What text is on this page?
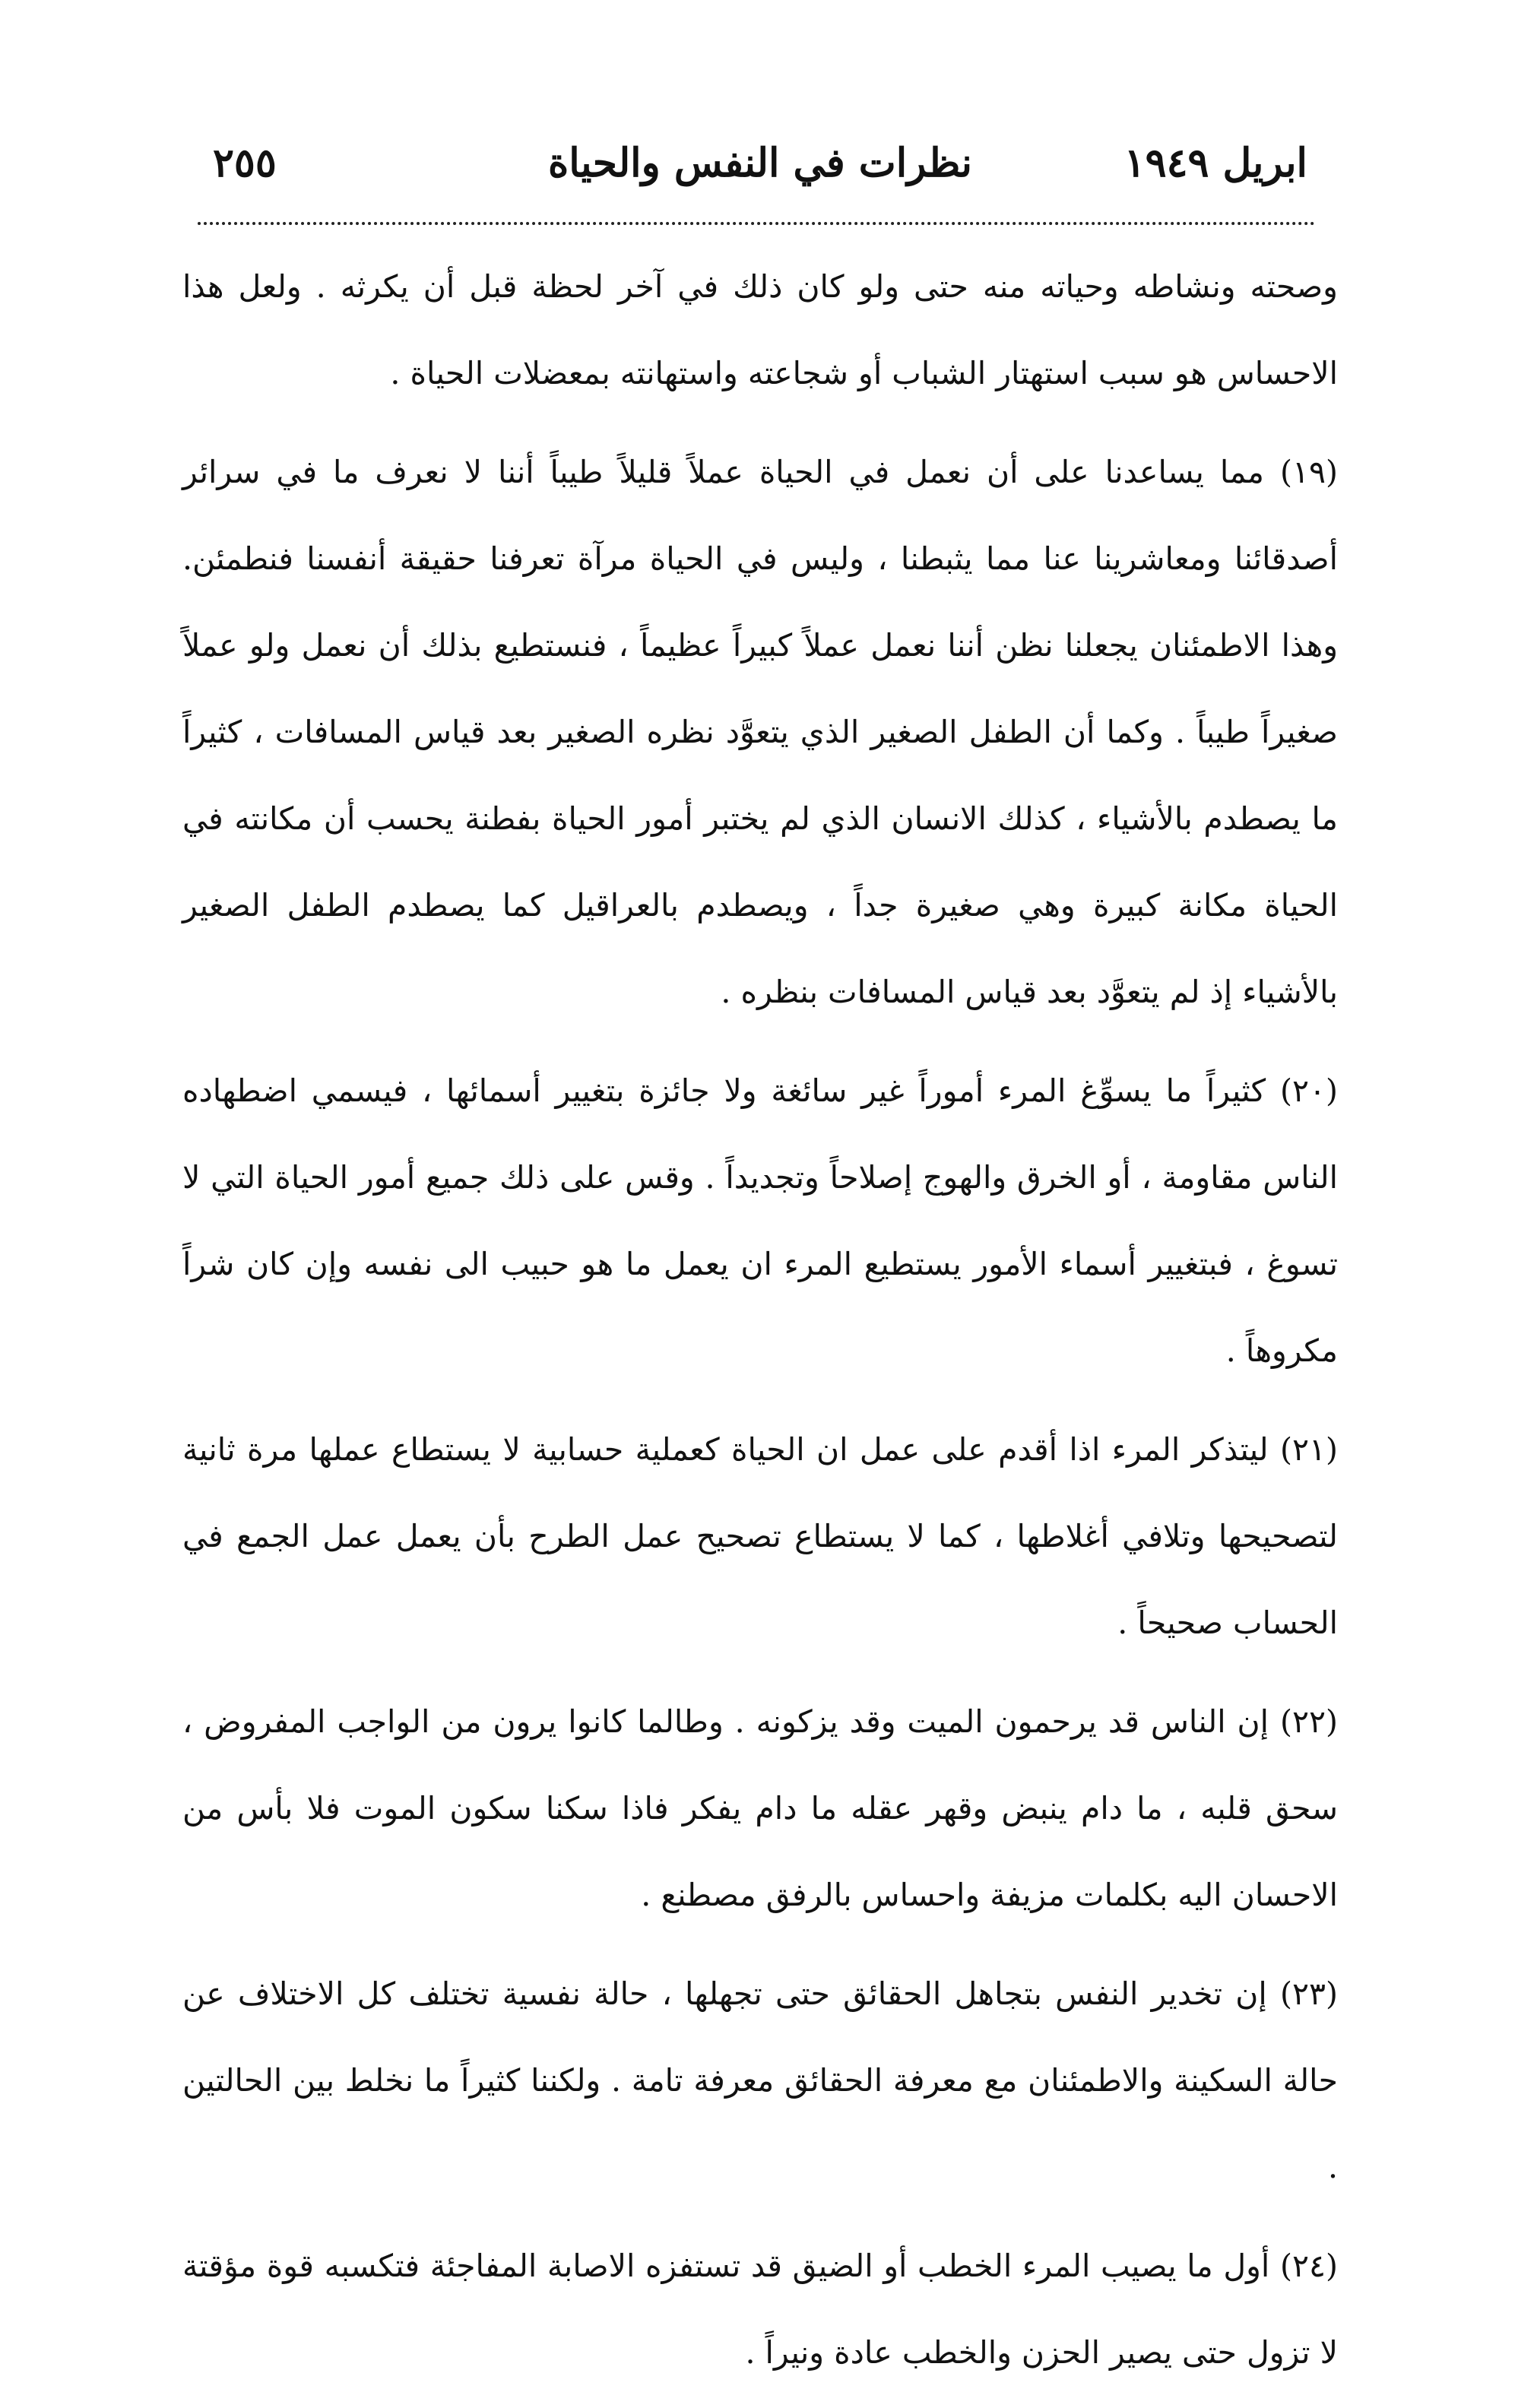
ابريل ١٩٤٩
نظرات في النفس والحياة
٢٥٥

وصحته ونشاطه وحياته منه حتى ولو كان ذلك في آخر لحظة قبل أن يكرثه . ولعل هذا الاحساس هو سبب استهتار الشباب أو شجاعته واستهانته بمعضلات الحياة .

(١٩) مما يساعدنا على أن نعمل في الحياة عملاً قليلاً طيباً أننا لا نعرف ما في سرائر أصدقائنا ومعاشرينا عنا مما يثبطنا ، وليس في الحياة مرآة تعرفنا حقيقة أنفسنا فنطمئن. وهذا الاطمئنان يجعلنا نظن أننا نعمل عملاً كبيراً عظيماً ، فنستطيع بذلك أن نعمل ولو عملاً صغيراً طيباً . وكما أن الطفل الصغير الذي يتعوَّد نظره الصغير بعد قياس المسافات ، كثيراً ما يصطدم بالأشياء ، كذلك الانسان الذي لم يختبر أمور الحياة بفطنة يحسب أن مكانته في الحياة مكانة كبيرة وهي صغيرة جداً ، ويصطدم بالعراقيل كما يصطدم الطفل الصغير بالأشياء إذ لم يتعوَّد بعد قياس المسافات بنظره .

(٢٠) كثيراً ما يسوِّغ المرء أموراً غير سائغة ولا جائزة بتغيير أسمائها ، فيسمي اضطهاده الناس مقاومة ، أو الخرق والهوج إصلاحاً وتجديداً . وقس على ذلك جميع أمور الحياة التي لا تسوغ ، فبتغيير أسماء الأمور يستطيع المرء ان يعمل ما هو حبيب الى نفسه وإن كان شراً مكروهاً .

(٢١) ليتذكر المرء اذا أقدم على عمل ان الحياة كعملية حسابية لا يستطاع عملها مرة ثانية لتصحيحها وتلافي أغلاطها ، كما لا يستطاع تصحيح عمل الطرح بأن يعمل عمل الجمع في الحساب صحيحاً .

(٢٢) إن الناس قد يرحمون الميت وقد يزكونه . وطالما كانوا يرون من الواجب المفروض ، سحق قلبه ، ما دام ينبض وقهر عقله ما دام يفكر فاذا سكنا سكون الموت فلا بأس من الاحسان اليه بكلمات مزيفة واحساس بالرفق مصطنع .

(٢٣) إن تخدير النفس بتجاهل الحقائق حتى تجهلها ، حالة نفسية تختلف كل الاختلاف عن حالة السكينة والاطمئنان مع معرفة الحقائق معرفة تامة . ولكننا كثيراً ما نخلط بين الحالتين .

(٢٤) أول ما يصيب المرء الخطب أو الضيق قد تستفزه الاصابة المفاجئة فتكسبه قوة مؤقتة لا تزول حتى يصير الحزن والخطب عادة ونيراً .
